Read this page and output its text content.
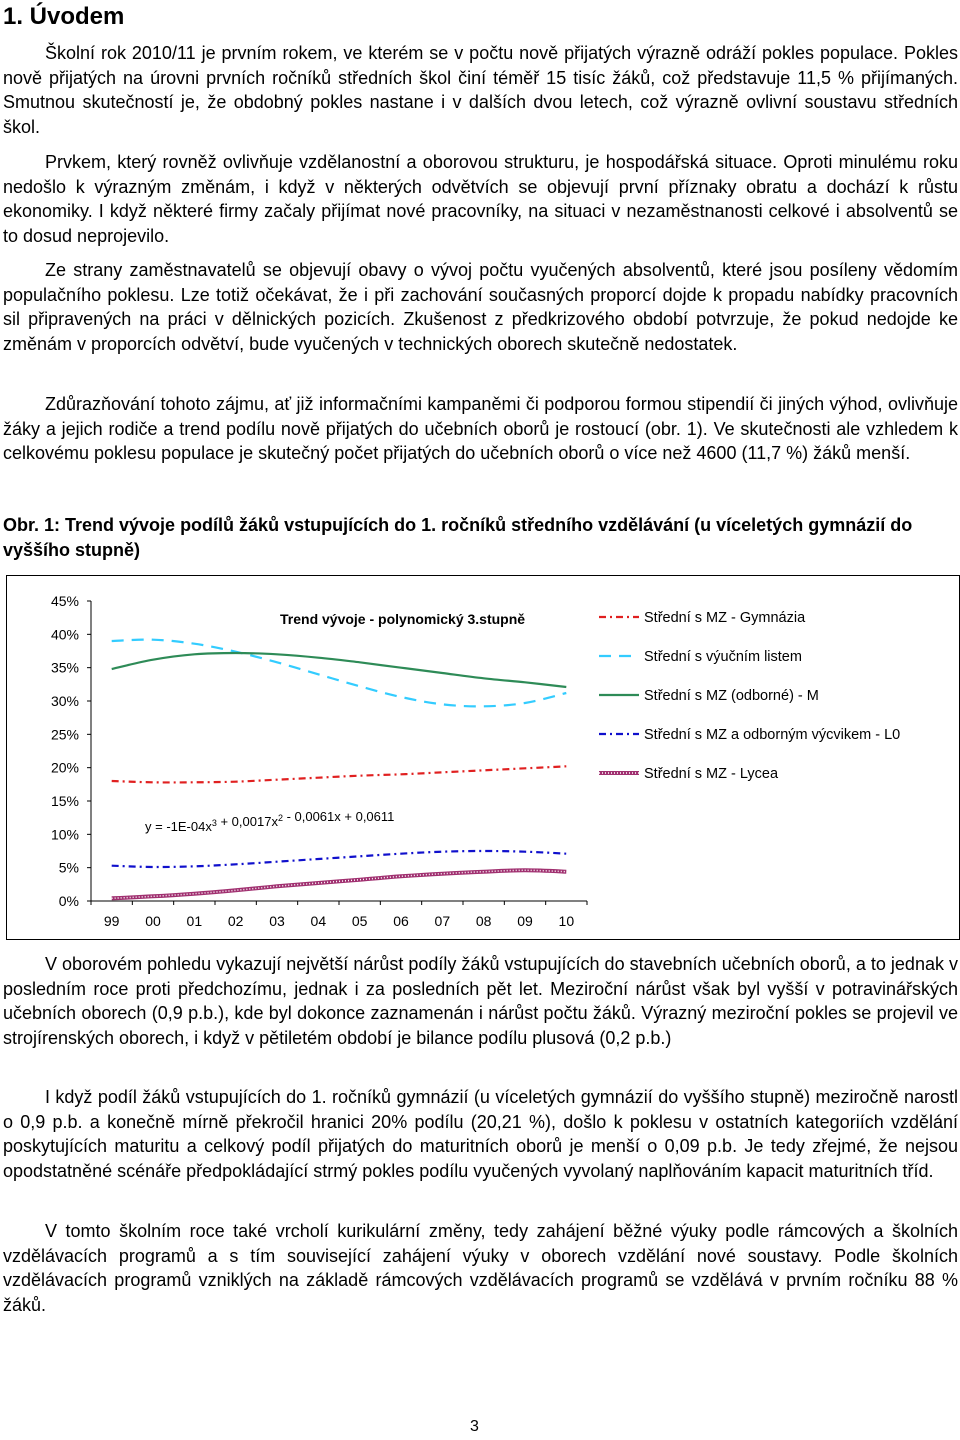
1. Úvodem

Školní rok 2010/11 je prvním rokem, ve kterém se v počtu nově přijatých výrazně odráží pokles populace. Pokles nově přijatých na úrovni prvních ročníků středních škol činí téměř 15 tisíc žáků, což představuje 11,5 % přijímaných. Smutnou skutečností je, že obdobný pokles nastane i v dalších dvou letech, což výrazně ovlivní soustavu středních škol.

Prvkem, který rovněž ovlivňuje vzdělanostní a oborovou strukturu, je hospodářská situace. Oproti minulému roku nedošlo k výrazným změnám, i když v některých odvětvích se objevují první příznaky obratu a dochází k růstu ekonomiky. I když některé firmy začaly přijímat nové pracovníky, na situaci v nezaměstnanosti celkové i absolventů se to dosud neprojevilo.

Ze strany zaměstnavatelů se objevují obavy o vývoj počtu vyučených absolventů, které jsou posíleny vědomím populačního poklesu. Lze totiž očekávat, že i při zachování současných proporcí dojde k propadu nabídky pracovních sil připravených na práci v dělnických pozicích. Zkušenost z předkrizového období potvrzuje, že pokud nedojde ke změnám v proporcích odvětví, bude vyučených v technických oborech skutečně nedostatek.

Zdůrazňování tohoto zájmu, ať již informačními kampaněmi či podporou formou stipendií či jiných výhod, ovlivňuje žáky a jejich rodiče a trend podílu nově přijatých do učebních oborů je rostoucí (obr. 1). Ve skutečnosti ale vzhledem k celkovému poklesu populace je skutečný počet přijatých do učebních oborů o více než 4600 (11,7 %) žáků menší.

Obr. 1: Trend vývoje podílů žáků vstupujících do 1. ročníků středního vzdělávání (u víceletých gymnázií do vyššího stupně)

45%
40%
35%
30%
25%
20%
15%
10%
5%
0%
99 00 01 02 03 04 05 06 07 08 09 10
Střední s MZ - Gymnázia
Střední s výučním listem
Střední s MZ (odborné) - M
Střední s MZ a odborným výcvikem - L0
Střední s MZ - Lycea
Trend vývoje - polynomický 3.stupně
$y = -1E-04x^3 + 0,0017x^2 - 0,0061x + 0,0611$

V oborovém pohledu vykazují největší nárůst podíly žáků vstupujících do stavebních učebních oborů, a to jednak v posledním roce proti předchozímu, jednak i za posledních pět let. Meziroční nárůst však byl vyšší v potravinářských učebních oborech (0,9 p.b.), kde byl dokonce zaznamenán i nárůst počtu žáků. Výrazný meziroční pokles se projevil ve strojírenských oborech, i když v pětiletém období je bilance podílu plusová (0,2 p.b.)

I když podíl žáků vstupujících do 1. ročníků gymnázií (u víceletých gymnázií do vyššího stupně) meziročně narostl o 0,9 p.b. a konečně mírně překročil hranici 20% podílu (20,21 %), došlo k poklesu v ostatních kategoriích vzdělání poskytujících maturitu a celkový podíl přijatých do maturitních oborů je menší o 0,09 p.b. Je tedy zřejmé, že nejsou opodstatněné scénáře předpokládající strmý pokles podílu vyučených vyvolaný naplňováním kapacit maturitních tříd.

V tomto školním roce také vrcholí kurikulární změny, tedy zahájení běžné výuky podle rámcových a školních vzdělávacích programů a s tím související zahájení výuky v oborech vzdělání nové soustavy. Podle školních vzdělávacích programů vzniklých na základě rámcových vzdělávacích programů se vzdělává v prvním ročníku 88 % žáků.

3
